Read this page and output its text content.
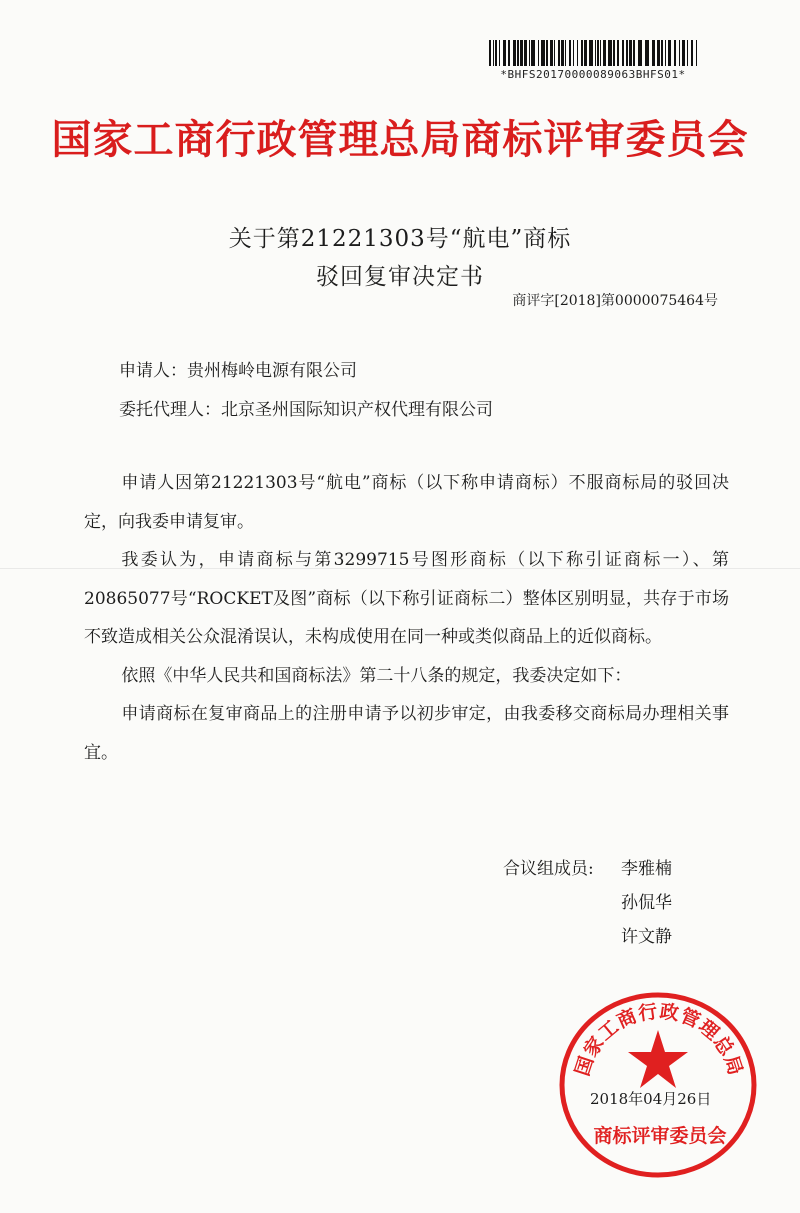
*BHFS20170000089063BHFS01*
国家工商行政管理总局商标评审委员会
关于第21221303号“航电”商标
驳回复审决定书
商评字[2018]第0000075464号
申请人：贵州梅岭电源有限公司
委托代理人：北京圣州国际知识产权代理有限公司

申请人因第21221303号“航电”商标（以下称申请商标）不服商标局的驳回决定，向我委申请复审。

我委认为，申请商标与第3299715号图形商标（以下称引证商标一）、第20865077号“ROCKET及图”商标（以下称引证商标二）整体区别明显，共存于市场不致造成相关公众混淆误认，未构成使用在同一种或类似商品上的近似商标。

依照《中华人民共和国商标法》第二十八条的规定，我委决定如下：

申请商标在复审商品上的注册申请予以初步审定，由我委移交商标局办理相关事宜。

合议组成员: 李雅楠
孙侃华
许文静
国家工商行政管理总局
商标评审委员会
2018年04月26日
